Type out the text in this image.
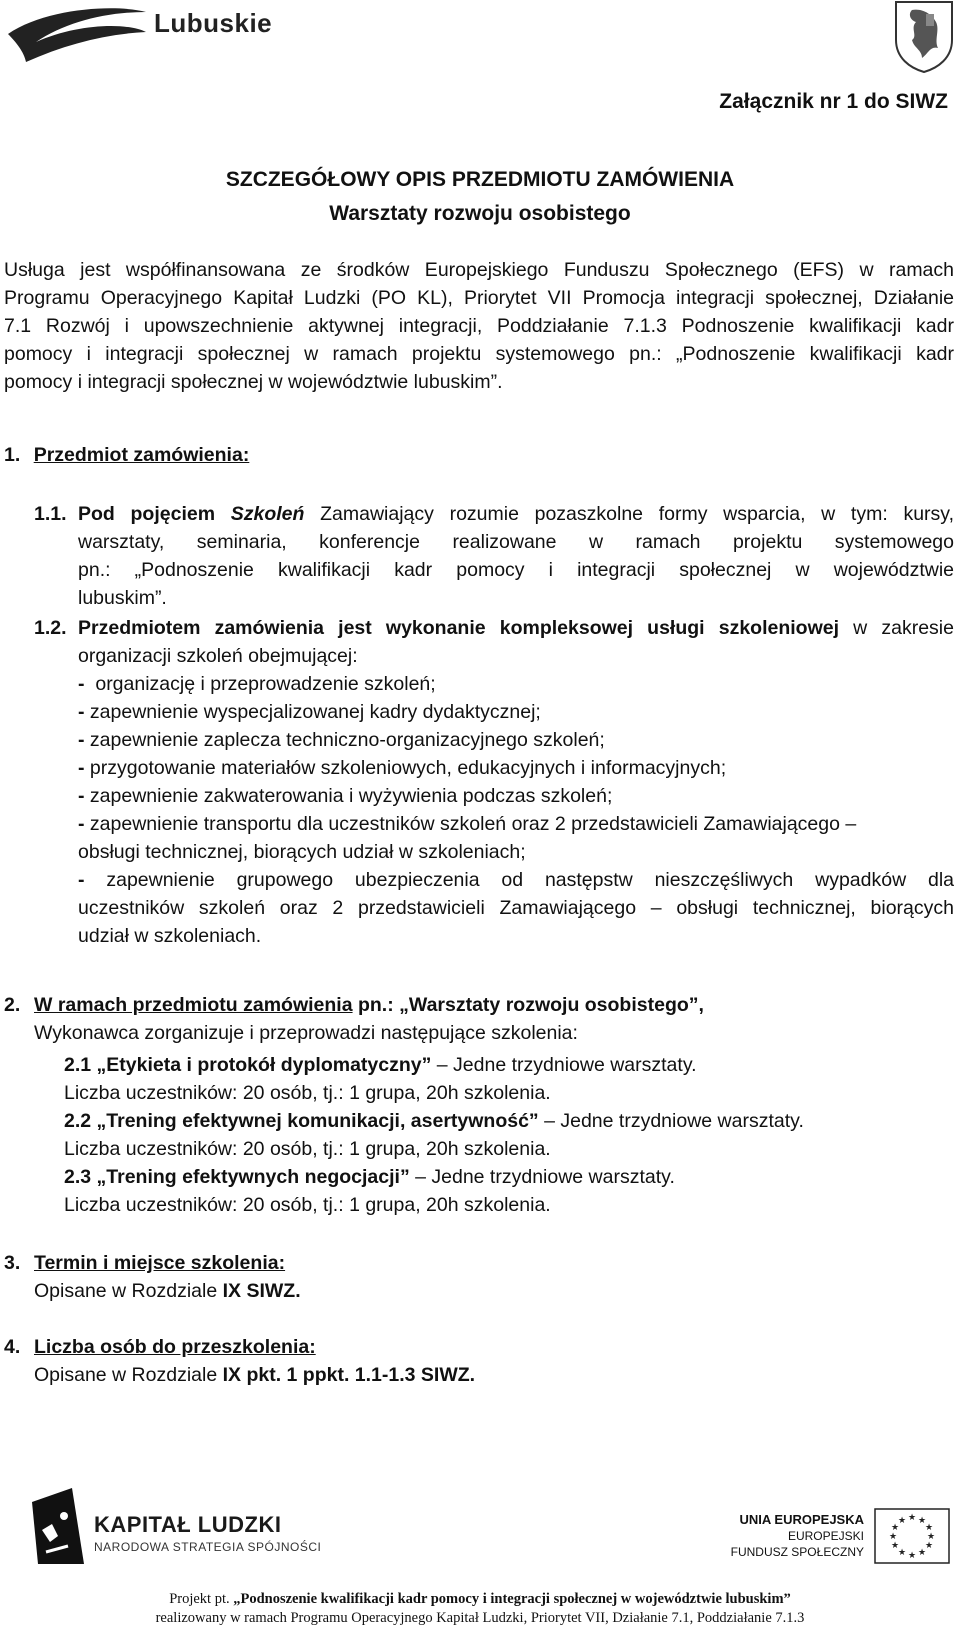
Lubuskie
Załącznik nr 1 do SIWZ
SZCZEGÓŁOWY OPIS PRZEDMIOTU ZAMÓWIENIA
Warsztaty rozwoju osobistego
Usługa jest współfinansowana ze środków Europejskiego Funduszu Społecznego (EFS) w ramach
Programu Operacyjnego Kapitał Ludzki (PO KL), Priorytet VII Promocja integracji społecznej, Działanie
7.1 Rozwój i upowszechnienie aktywnej integracji, Poddziałanie 7.1.3 Podnoszenie kwalifikacji kadr
pomocy i integracji społecznej w ramach projektu systemowego pn.: „Podnoszenie kwalifikacji kadr
pomocy i integracji społecznej w województwie lubuskim”.
1. Przedmiot zamówienia:
1.1. Pod pojęciem Szkoleń Zamawiający rozumie pozaszkolne formy wsparcia, w tym: kursy,
warsztaty, seminaria, konferencje realizowane w ramach projektu systemowego
pn.: „Podnoszenie kwalifikacji kadr pomocy i integracji społecznej w województwie
lubuskim”.
1.2. Przedmiotem zamówienia jest wykonanie kompleksowej usługi szkoleniowej w zakresie
organizacji szkoleń obejmującej:
- organizację i przeprowadzenie szkoleń;
- zapewnienie wyspecjalizowanej kadry dydaktycznej;
- zapewnienie zaplecza techniczno-organizacyjnego szkoleń;
- przygotowanie materiałów szkoleniowych, edukacyjnych i informacyjnych;
- zapewnienie zakwaterowania i wyżywienia podczas szkoleń;
- zapewnienie transportu dla uczestników szkoleń oraz 2 przedstawicieli Zamawiającego –
obsługi technicznej, biorących udział w szkoleniach;
- zapewnienie grupowego ubezpieczenia od następstw nieszczęśliwych wypadków dla
uczestników szkoleń oraz 2 przedstawicieli Zamawiającego – obsługi technicznej, biorących
udział w szkoleniach.
2. W ramach przedmiotu zamówienia pn.: „Warsztaty rozwoju osobistego”,
Wykonawca zorganizuje i przeprowadzi następujące szkolenia:
2.1 „Etykieta i protokół dyplomatyczny” – Jedne trzydniowe warsztaty.
Liczba uczestników: 20 osób, tj.: 1 grupa, 20h szkolenia.
2.2 „Trening efektywnej komunikacji, asertywność” – Jedne trzydniowe warsztaty.
Liczba uczestników: 20 osób, tj.: 1 grupa, 20h szkolenia.
2.3 „Trening efektywnych negocjacji” – Jedne trzydniowe warsztaty.
Liczba uczestników: 20 osób, tj.: 1 grupa, 20h szkolenia.
3. Termin i miejsce szkolenia:
Opisane w Rozdziale IX SIWZ.
4. Liczba osób do przeszkolenia:
Opisane w Rozdziale IX pkt. 1 ppkt. 1.1-1.3 SIWZ.
KAPITAŁ LUDZKI
NARODOWA STRATEGIA SPÓJNOŚCI
UNIA EUROPEJSKA
EUROPEJSKI
FUNDUSZ SPOŁECZNY
★ ★
★
★
★
★
★
★
★
★
★
★
Projekt pt. „Podnoszenie kwalifikacji kadr pomocy i integracji społecznej w województwie lubuskim”
realizowany w ramach Programu Operacyjnego Kapitał Ludzki, Priorytet VII, Działanie 7.1, Poddziałanie 7.1.3
